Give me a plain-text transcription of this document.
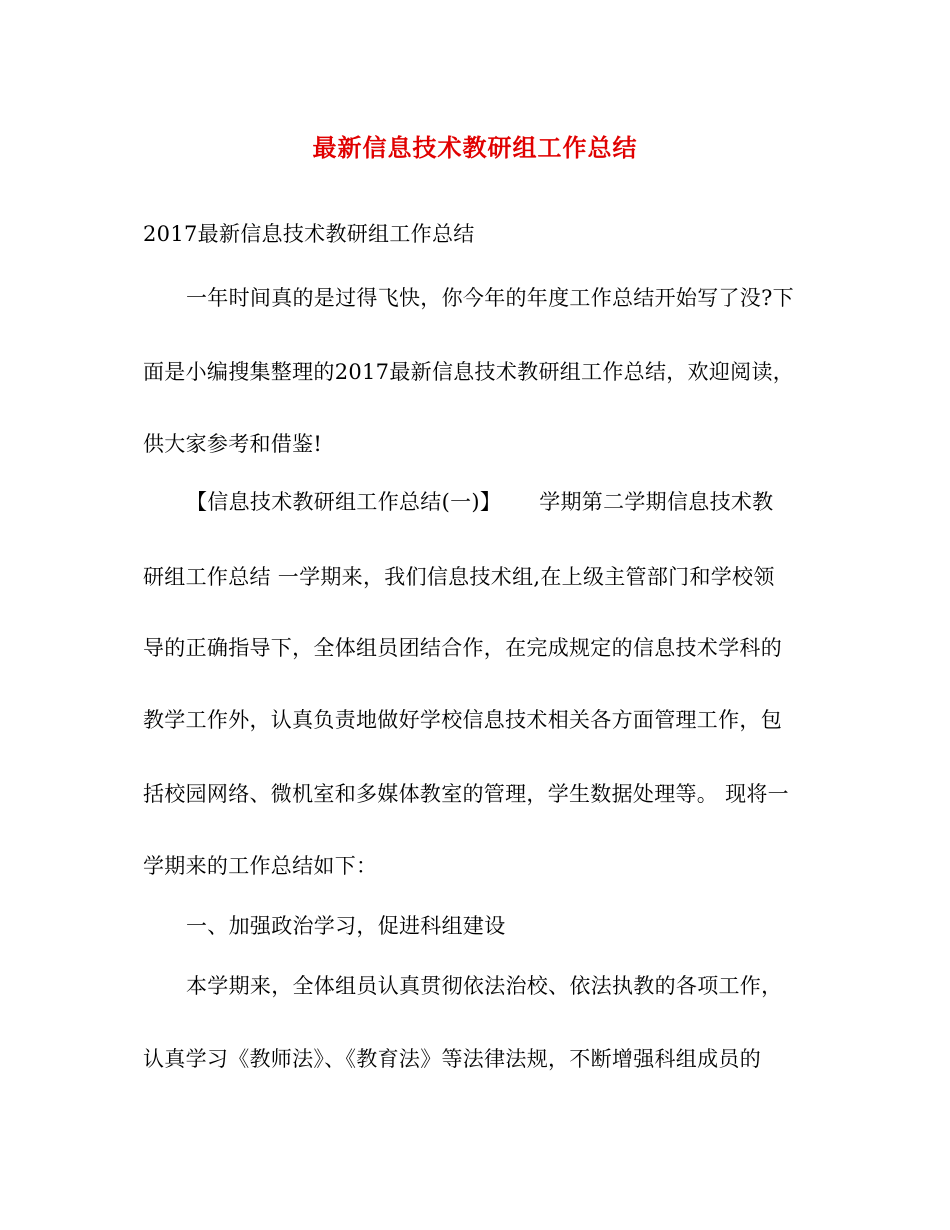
最新信息技术教研组工作总结
2017最新信息技术教研组工作总结
一年时间真的是过得飞快，你今年的年度工作总结开始写了没?下
面是小编搜集整理的2017最新信息技术教研组工作总结，欢迎阅读，
供大家参考和借鉴!
【信息技术教研组工作总结(一)】 学期第二学期信息技术教
研组工作总结 一学期来，我们信息技术组,在上级主管部门和学校领
导的正确指导下，全体组员团结合作，在完成规定的信息技术学科的
教学工作外，认真负责地做好学校信息技术相关各方面管理工作，包
括校园网络、微机室和多媒体教室的管理，学生数据处理等。 现将一
学期来的工作总结如下：
一、加强政治学习，促进科组建设
本学期来，全体组员认真贯彻依法治校、依法执教的各项工作，
认真学习《教师法》、《教育法》等法律法规，不断增强科组成员的
